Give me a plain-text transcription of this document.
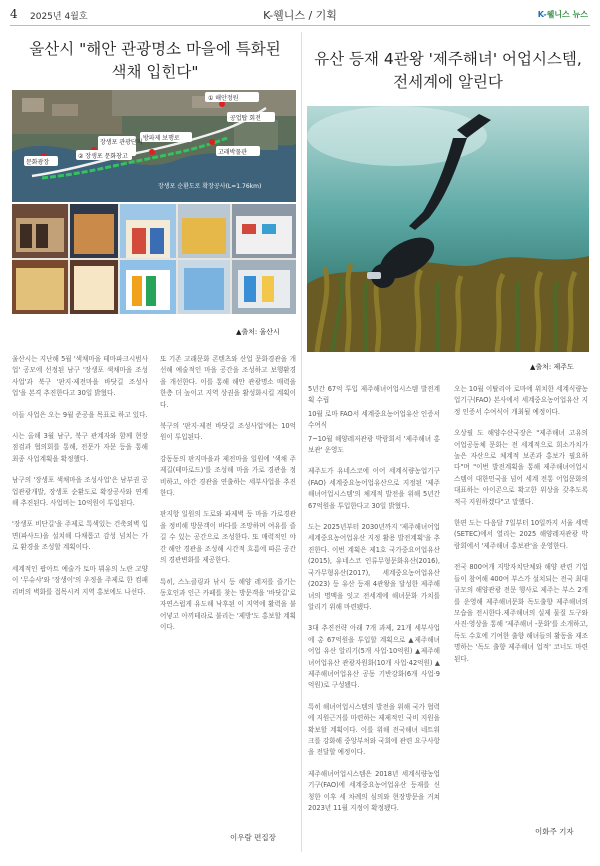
4 2025년 4월호	K-웰니스 / 기획	K-웰니스 뉴스
울산시 "해안 관광명소 마을에 특화된
색채 입힌다"
① 해안정원
공업탑 회전
방파제 보행로
장생포 관광단지
② 장생포 문화창고
문화광장
고래박물관
장생포 순환도로 확장공사(L=1.76km)
▲출처: 울산시

울산시는 지난해 5월 '색채마을 테마파크시범사업' 공모에 선정된 남구 '장생포 색채마을 조성사업'과 북구 '판지·제전마을 바닷길 조성사업'을 본격 추진한다고 30일 밝혔다.

이들 사업은 오는 9월 준공을 목표로 하고 있다.

시는 올해 3월 남구, 북구 관계자와 함께 현장 점검과 협의회를 통해, 전문가 자문 등을 통해 최종 사업계획을 확정했다.

남구의 '장생포 색채마을 조성사업'은 남부권 공업관광개발, 장생포 순환도로 확장공사와 연계해 추진된다. 사업비는 10억원이 투입된다.

'장생포 비단길'을 주제로 특색있는 건축외벽 입면(파사드)을 설치해 다채롭고 감성 넘치는 가로 환경을 조성할 계획이다.

세계적인 팝아트 예술가 토마 뷔유의 노란 고양이 '무슈샤'와 '장생이'의 우정을 주제로 한 컴패리버의 벽화를 접목시켜 지역 홍보에도 나선다.

또 기존 고래문화 콘텐츠와 산업 문화경관을 개선해 예술적인 마을 공간을 조성하고 보행환경을 개선한다. 이를 통해 해안 관광명소 매력을 한층 더 높이고 지역 상권을 활성화시킬 계획이다.

북구의 '판지·제전 바닷길 조성사업'에는 10억원이 투입된다.

강동동의 판지마을과 제전마을 일원에 '색채 주제길(테마로드)'를 조성해 마을 가로 경관을 정비하고, 야간 경관을 연출하는 세부사업을 추진한다.

판지항 일원의 도로와 파제벽 등 마을 가로경관을 정비해 방문객이 바다를 조망하며 여유를 즐길 수 있는 공간으로 조성한다. 또 매력적인 야간 해안 경관을 조성해 시간적 흐름에 따른 공간의 경관변화를 제공한다.

특히, 스노클링과 낚시 등 해양 레저를 즐기는 동호인과 인근 카페를 찾는 방문객을 '바닷길'로 자연스럽게 유도해 낙후된 이 지역에 활력을 불어넣고 아끼테라로 불리는 '제방'도 홍보할 계획이다.

이우람 편집장
유산 등재 4관왕 '제주해녀' 어업시스템,
전세계에 알린다
▲출처: 제주도

5년간 67억 투입 제주해녀어업시스템 발전계획 수립

10월 로마 FAO서 세계중요농어업유산 인증서 수여식

7~10월 해양레저관광 박람회서 '제주해녀 홍보관' 운영도

제주도가 유네스코에 이어 세계식량농업기구(FAO) 세계중요농어업유산으로 지정된 '제주해녀어업시스템'의 체계적 발전을 위해 5년간 67억원을 투입한다고 30일 밝혔다.

도는 2025년부터 2030년까지 '제주해녀어업 세계중요농어업유산 지정 활용 발전계획'을 추진한다. 이번 계획은 제1호 국가중요어업유산(2015), 유네스코 인류무형문화유산(2016), 국가무형유산(2017), 세계중요농어업유산(2023) 등 유산 등재 4관왕을 달성한 제주해녀의 명맥을 잇고 전세계에 해녀문화 가치를 알리기 위해 마련됐다.

3대 추진전략 아래 7개 과제, 21개 세부사업에 총 67억원을 투입할 계획으로 ▲제주해녀어업 유산 알리기(5개 사업·10억원) ▲제주해녀어업유산 관광자원화(10개 사업·42억원) ▲제주해녀어업유산 공동 기반강화(6개 사업·9억원)로 구성됐다.

특히 해녀어업시스템의 발전을 위해 국가 협력에 지원근거를 마련하는 제제적인 국비 지원을 확보할 계획이다. 이를 위해 전국해녀 네트워크를 강화해 중앙부처와 국회에 관련 요구사항을 전달할 예정이다.

제주해녀어업시스템은 2018년 세계식량농업기구(FAO)에 세계중요농어업유산 등재를 신청한 이후 세 차례의 심의와 현장방문을 거쳐 2023년 11월 지정이 확정됐다.

오는 10월 이탈리아 로마에 위치한 세계식량농업기구(FAO) 본사에서 세계중요농어업유산 지정 인증서 수여식이 개최될 예정이다.

오상필 도 해양수산국장은 "제주해녀 고유의 어업공동체 문화는 전 세계적으로 희소가치가 높은 자산으로 체계적 보존과 홍보가 필요하다"며 "이번 발전계획을 통해 제주해녀어업시스템이 대한민국을 넘어 세계 전통 어업문화의 대표하는 아이콘으로 확고한 위상을 갖추도록 적극 지원하겠다"고 말했다.

한편 도는 다음달 7일부터 10일까지 서울 세텍(SETEC)에서 열리는 2025 해양레저관광 박람회에서 '제주해녀 홍보관'을 운영한다.

전국 800여개 지방자치단체와 해양 관련 기업들이 참여해 400여 부스가 설치되는 전국 최대 규모의 해양관광 전문 행사로 제주는 부스 2개를 운영해 제주해녀문화 독도출향 제주해녀의 모습을 전시한다.제주해녀의 실제 물질 도구와 사진·영상을 통해 '제주해녀 -문화'를 소개하고, 독도 수호에 기여한 출향 해녀들의 활동을 재조명하는 '독도 출향 제주해녀 업적' 코너도 마련된다.

이화주 기자
